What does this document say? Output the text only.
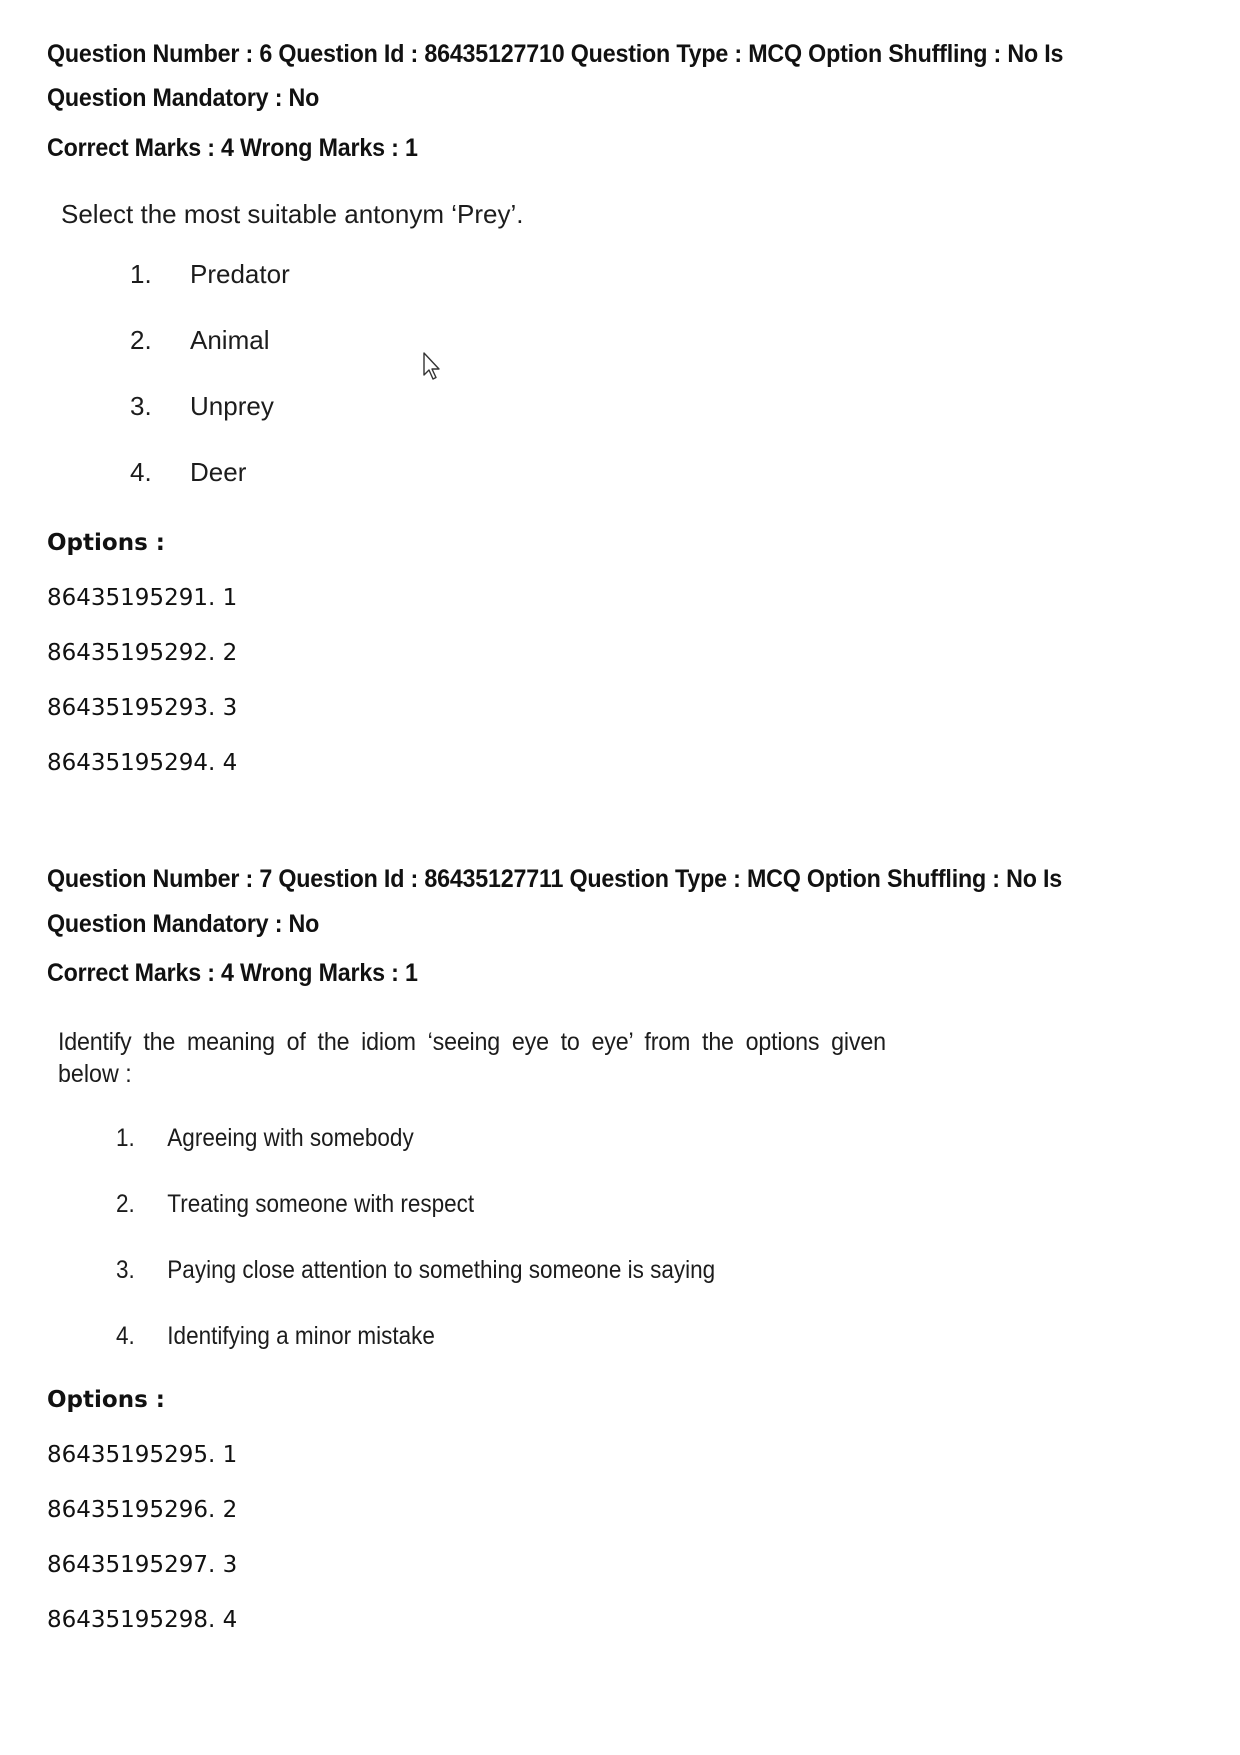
Question Number : 6 Question Id : 86435127710 Question Type : MCQ Option Shuffling : No Is
Question Mandatory : No
Correct Marks : 4 Wrong Marks : 1
Select the most suitable antonym ‘Prey’.
1. Predator
2. Animal
3. Unprey
4. Deer
Options :
86435195291. 1
86435195292. 2
86435195293. 3
86435195294. 4
Question Number : 7 Question Id : 86435127711 Question Type : MCQ Option Shuffling : No Is
Question Mandatory : No
Correct Marks : 4 Wrong Marks : 1
Identify the meaning of the idiom ‘seeing eye to eye’ from the options given
below :
1. Agreeing with somebody
2. Treating someone with respect
3. Paying close attention to something someone is saying
4. Identifying a minor mistake
Options :
86435195295. 1
86435195296. 2
86435195297. 3
86435195298. 4
